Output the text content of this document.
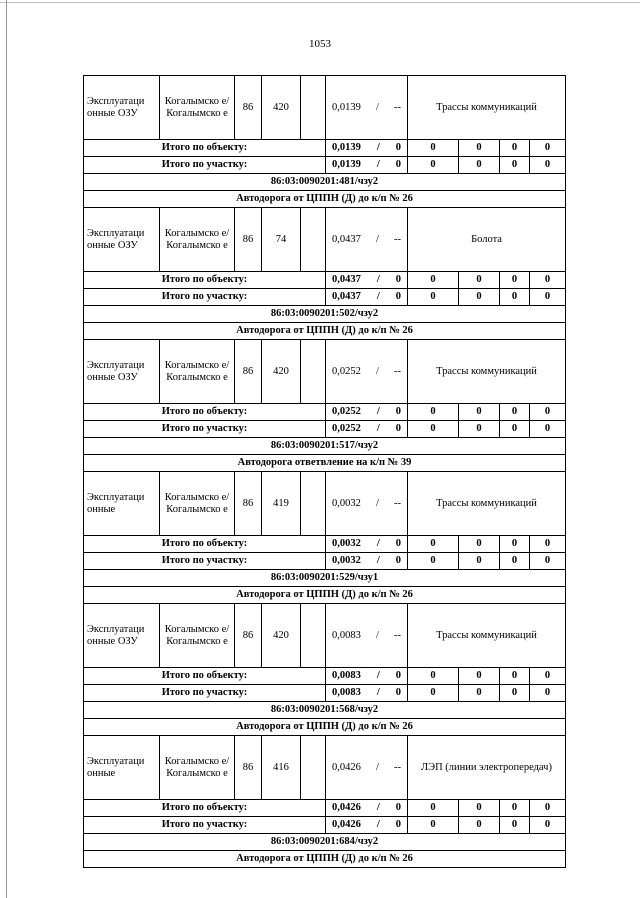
1053
Эксплуатаци онные ОЗУ	Когалымско е/ Когалымско е	86	420		0,0139 / --	Трассы коммуникаций			
Итого по объекту:					0,0139 / 0	0	0	0	0
Итого по участку:					0,0139 / 0	0	0	0	0
86:03:0090201:481/чзу2									
Автодорога от ЦППН (Д) до к/п № 26									
Эксплуатаци онные ОЗУ	Когалымско е/ Когалымско е	86	74		0,0437 / --	Болота			
Итого по объекту:					0,0437 / 0	0	0	0	0
Итого по участку:					0,0437 / 0	0	0	0	0
86:03:0090201:502/чзу2									
Автодорога от ЦППН (Д) до к/п № 26									
Эксплуатаци онные ОЗУ	Когалымско е/ Когалымско е	86	420		0,0252 / --	Трассы коммуникаций			
Итого по объекту:					0,0252 / 0	0	0	0	0
Итого по участку:					0,0252 / 0	0	0	0	0
86:03:0090201:517/чзу2									
Автодорога ответвление на к/п № 39									
Эксплуатаци онные	Когалымско е/ Когалымско е	86	419		0,0032 / --	Трассы коммуникаций			
Итого по объекту:					0,0032 / 0	0	0	0	0
Итого по участку:					0,0032 / 0	0	0	0	0
86:03:0090201:529/чзу1									
Автодорога от ЦППН (Д) до к/п № 26									
Эксплуатаци онные ОЗУ	Когалымско е/ Когалымско е	86	420		0,0083 / --	Трассы коммуникаций			
Итого по объекту:					0,0083 / 0	0	0	0	0
Итого по участку:					0,0083 / 0	0	0	0	0
86:03:0090201:568/чзу2									
Автодорога от ЦППН (Д) до к/п № 26									
Эксплуатаци онные	Когалымско е/ Когалымско е	86	416		0,0426 / --	ЛЭП (линии электропередач)			
Итого по объекту:					0,0426 / 0	0	0	0	0
Итого по участку:					0,0426 / 0	0	0	0	0
86:03:0090201:684/чзу2									
Автодорога от ЦППН (Д) до к/п № 26									
